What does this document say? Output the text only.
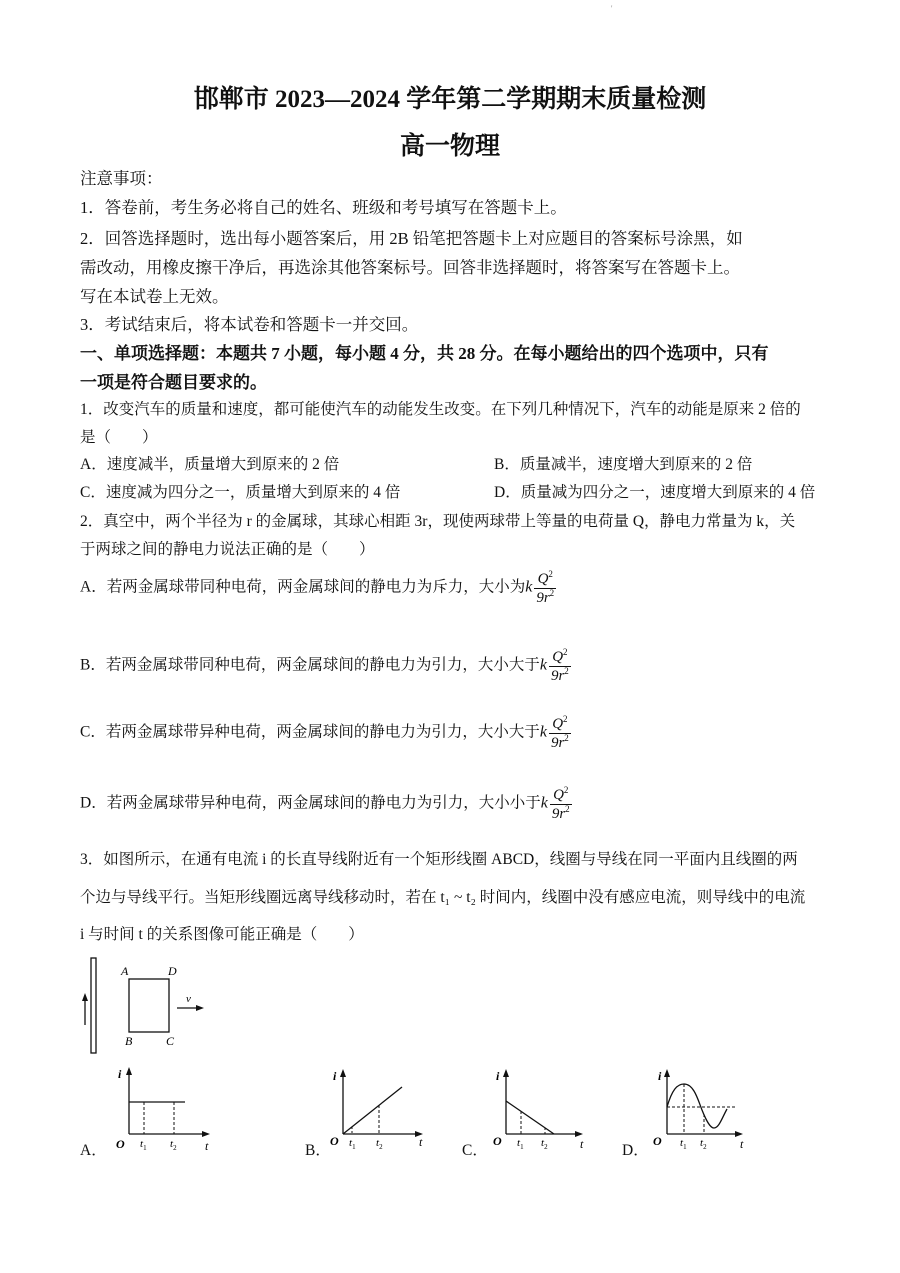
'
邯郸市 2023—2024 学年第二学期期末质量检测
高一物理
注意事项：
1．答卷前，考生务必将自己的姓名、班级和考号填写在答题卡上。
2．回答选择题时，选出每小题答案后，用 2B 铅笔把答题卡上对应题目的答案标号涂黑，如
需改动，用橡皮擦干净后，再选涂其他答案标号。回答非选择题时，将答案写在答题卡上。
写在本试卷上无效。
3．考试结束后，将本试卷和答题卡一并交回。
一、单项选择题：本题共 7 小题，每小题 4 分，共 28 分。在每小题给出的四个选项中，只有
一项是符合题目要求的。
1．改变汽车的质量和速度，都可能使汽车的动能发生改变。在下列几种情况下，汽车的动能是原来 2 倍的
是（　　）
A．速度减半，质量增大到原来的 2 倍	B．质量减半，速度增大到原来的 2 倍
C．速度减为四分之一，质量增大到原来的 4 倍	D．质量减为四分之一，速度增大到原来的 4 倍
2．真空中，两个半径为 r 的金属球，其球心相距 3r，现使两球带上等量的电荷量 Q，静电力常量为 k，关
于两球之间的静电力说法正确的是（　　）
A．若两金属球带同种电荷，两金属球间的静电力为斥力，大小为k $\frac{Q^2}{9r^2}$
B．若两金属球带同种电荷，两金属球间的静电力为引力，大小大于k $\frac{Q^2}{9r^2}$
C．若两金属球带异种电荷，两金属球间的静电力为引力，大小大于k $\frac{Q^2}{9r^2}$
D．若两金属球带异种电荷，两金属球间的静电力为引力，大小小于k $\frac{Q^2}{9r^2}$
3．如图所示，在通有电流 i 的长直导线附近有一个矩形线圈 ABCD，线圈与导线在同一平面内且线圈的两
个边与导线平行。当矩形线圈远离导线移动时，若在 t₁ ~ t₂ 时间内，线圈中没有感应电流，则导线中的电流
i 与时间 t 的关系图像可能正确是（　　）
A	D
B	C
v
A．
i
O $t_1$ $t_2$ t	B．
i
O $t_1$ $t_2$	t	C．
i
O $t_1$ $t_2$	t D．
i
O $t_1$ $t_2$	t
